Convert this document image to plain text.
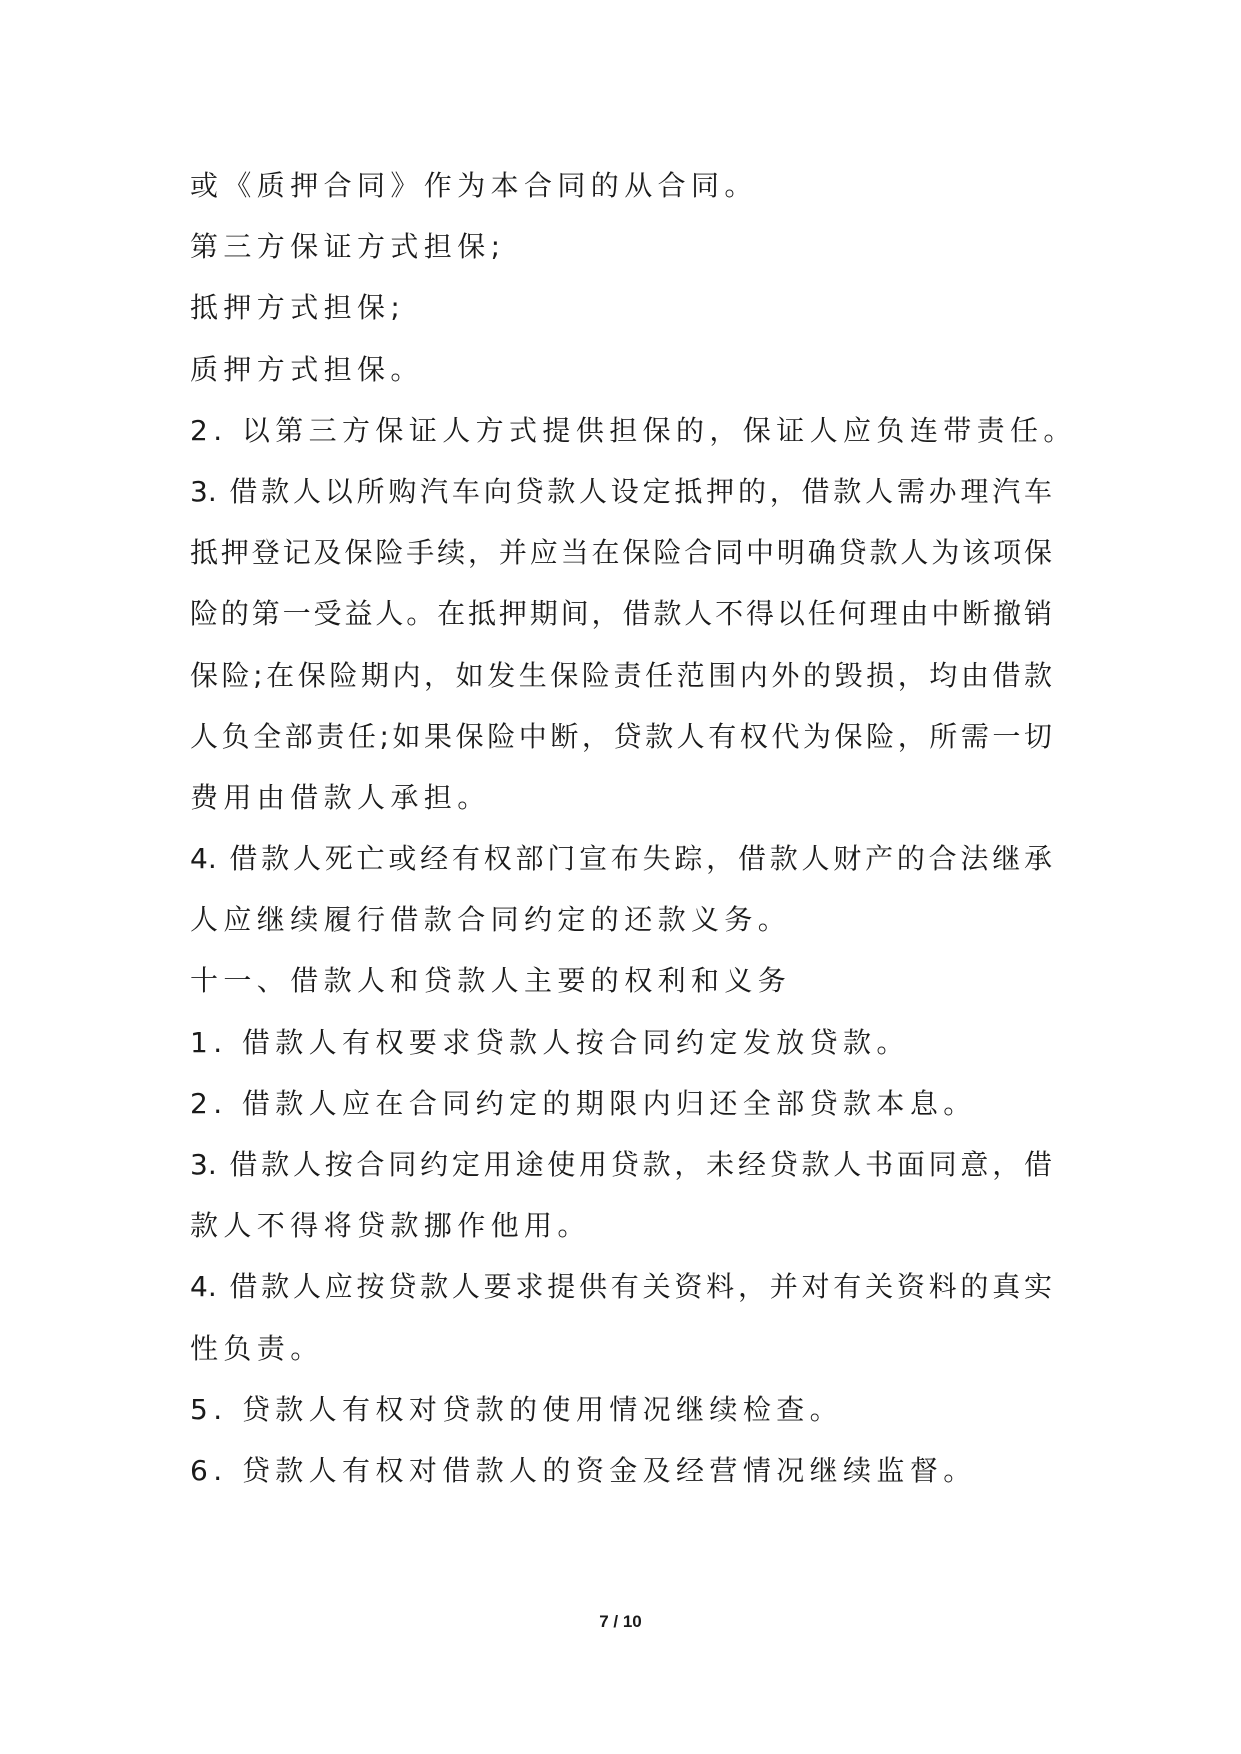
或《质押合同》作为本合同的从合同。
第三方保证方式担保;
抵押方式担保;
质押方式担保。
2. 以第三方保证人方式提供担保的，保证人应负连带责任。
3. 借款人以所购汽车向贷款人设定抵押的，借款人需办理汽车
抵押登记及保险手续，并应当在保险合同中明确贷款人为该项保
险的第一受益人。在抵押期间，借款人不得以任何理由中断撤销
保险;在保险期内，如发生保险责任范围内外的毁损，均由借款
人负全部责任;如果保险中断，贷款人有权代为保险，所需一切
费用由借款人承担。
4. 借款人死亡或经有权部门宣布失踪，借款人财产的合法继承
人应继续履行借款合同约定的还款义务。
十一、借款人和贷款人主要的权利和义务
1. 借款人有权要求贷款人按合同约定发放贷款。
2. 借款人应在合同约定的期限内归还全部贷款本息。
3. 借款人按合同约定用途使用贷款，未经贷款人书面同意，借
款人不得将贷款挪作他用。
4. 借款人应按贷款人要求提供有关资料，并对有关资料的真实
性负责。
5. 贷款人有权对贷款的使用情况继续检查。
6. 贷款人有权对借款人的资金及经营情况继续监督。
7 / 10
